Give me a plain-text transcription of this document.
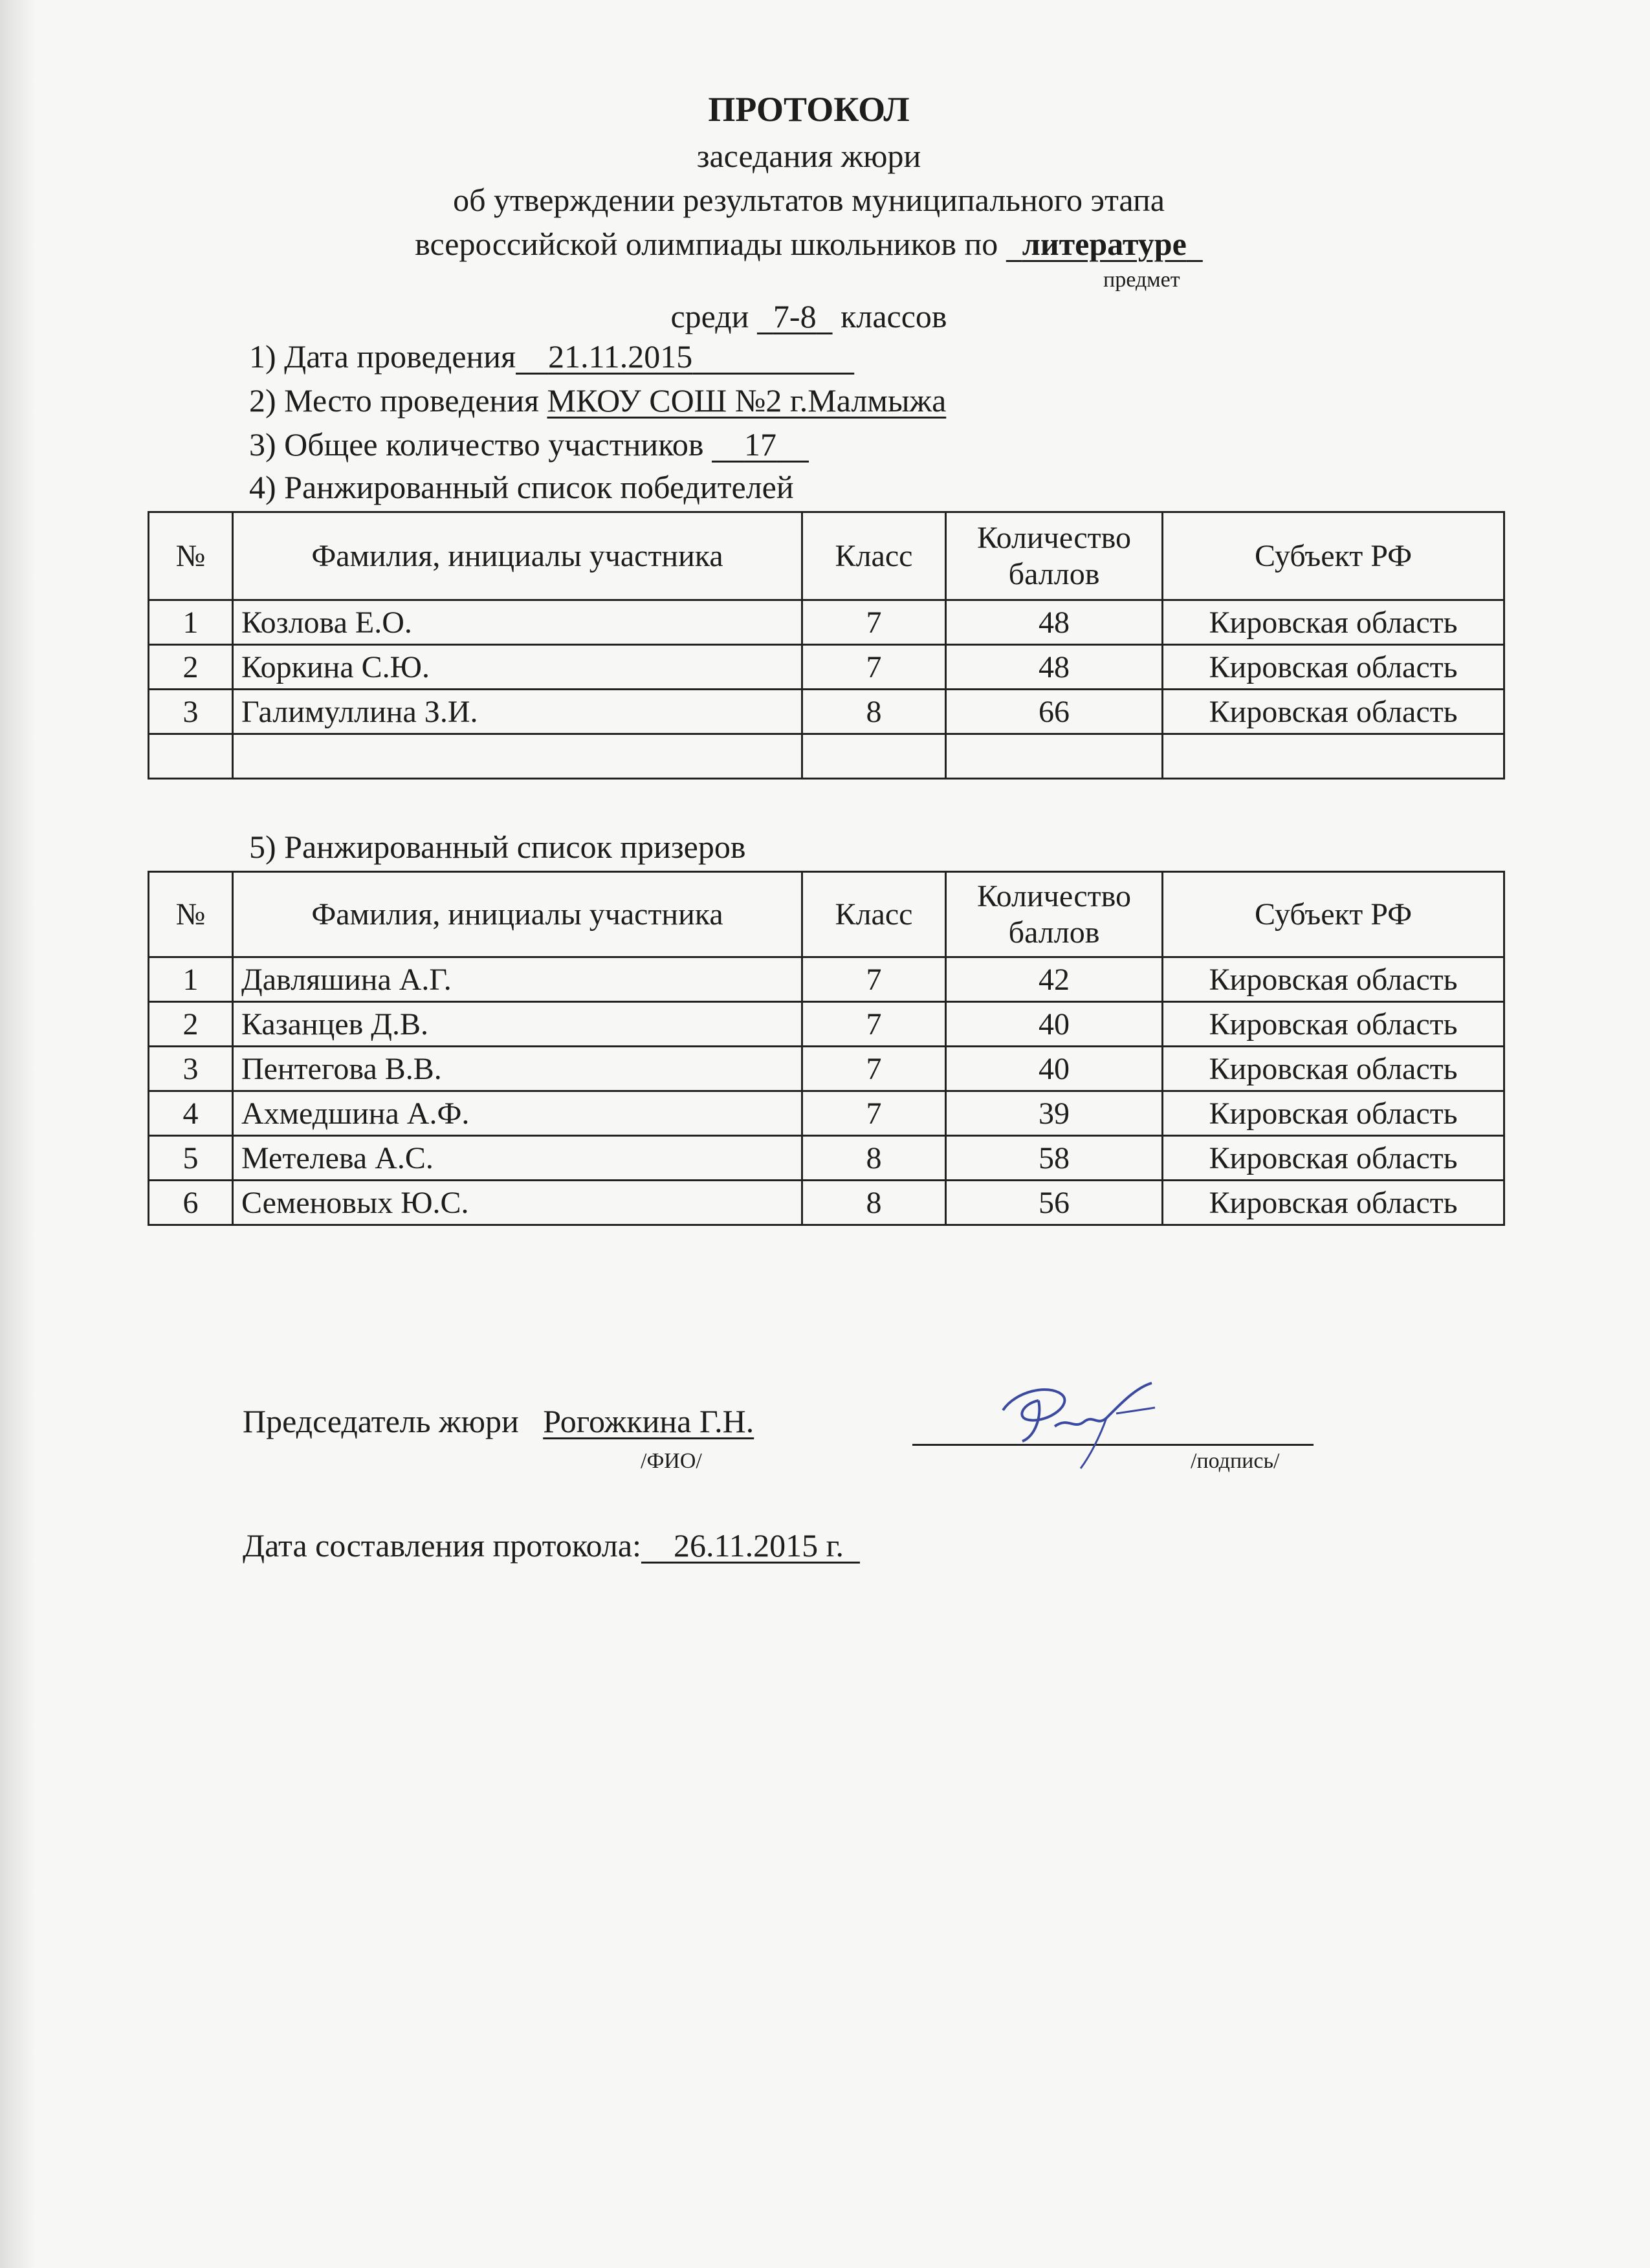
ПРОТОКОЛ
заседания жюри
об утверждении результатов муниципального этапа
всероссийской олимпиады школьников по   литературе 
предмет
среди   7-8  классов
1) Дата проведения  21.11.2015     
2) Место проведения МКОУ СОШ №2 г.Малмыжа
3) Общее количество участников   17 
4) Ранжированный список победителей
№	Фамилия, инициалы участника	Класс	Количество баллов	Субъект РФ
1	Козлова Е.О.	7	48	Кировская область
2	Коркина С.Ю.	7	48	Кировская область
3	Галимуллина З.И.	8	66	Кировская область

5) Ранжированный список призеров
№	Фамилия, инициалы участника	Класс	Количество баллов	Субъект РФ
1	Давляшина А.Г.	7	42	Кировская область
2	Казанцев Д.В.	7	40	Кировская область
3	Пентегова В.В.	7	40	Кировская область
4	Ахмедшина А.Ф.	7	39	Кировская область
5	Метелева А.С.	8	58	Кировская область
6	Семеновых Ю.С.	8	56	Кировская область
Председатель жюри  Рогожкина Г.Н.
/ФИО/	/подпись/
Дата составления протокола:  26.11.2015 г. 
